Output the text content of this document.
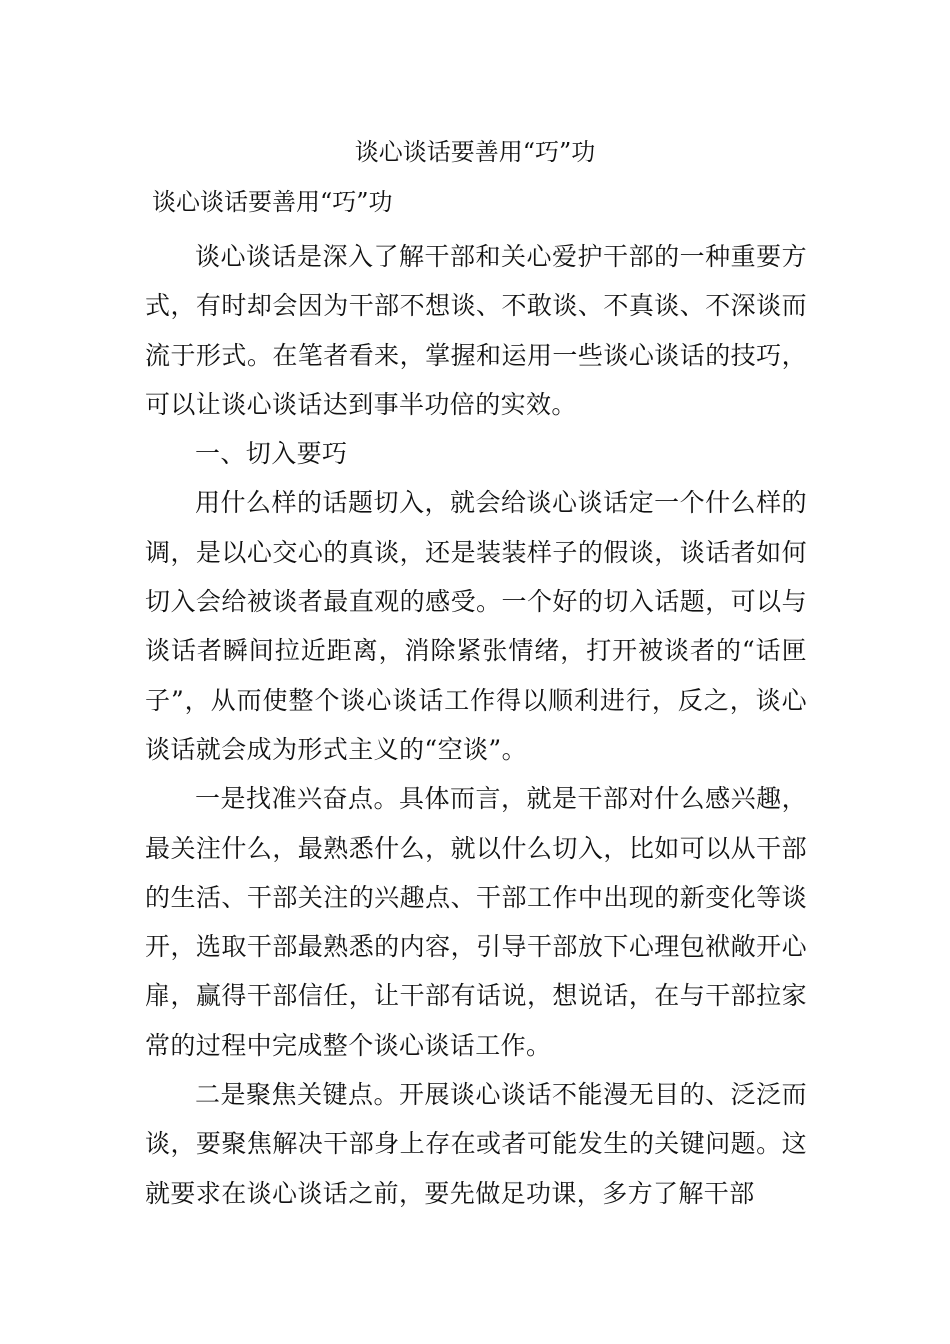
谈心谈话要善用“巧”功
谈心谈话要善用“巧”功

谈心谈话是深入了解干部和关心爱护干部的一种重要方式，有时却会因为干部不想谈、不敢谈、不真谈、不深谈而流于形式。在笔者看来，掌握和运用一些谈心谈话的技巧，可以让谈心谈话达到事半功倍的实效。

一、切入要巧

用什么样的话题切入，就会给谈心谈话定一个什么样的调，是以心交心的真谈，还是装装样子的假谈，谈话者如何切入会给被谈者最直观的感受。一个好的切入话题，可以与谈话者瞬间拉近距离，消除紧张情绪，打开被谈者的“话匣子”，从而使整个谈心谈话工作得以顺利进行，反之，谈心谈话就会成为形式主义的“空谈”。

一是找准兴奋点。具体而言，就是干部对什么感兴趣，最关注什么，最熟悉什么，就以什么切入，比如可以从干部的生活、干部关注的兴趣点、干部工作中出现的新变化等谈开，选取干部最熟悉的内容，引导干部放下心理包袱敞开心扉，赢得干部信任，让干部有话说，想说话，在与干部拉家常的过程中完成整个谈心谈话工作。

二是聚焦关键点。开展谈心谈话不能漫无目的、泛泛而谈，要聚焦解决干部身上存在或者可能发生的关键问题。这就要求在谈心谈话之前，要先做足功课，多方了解干部
